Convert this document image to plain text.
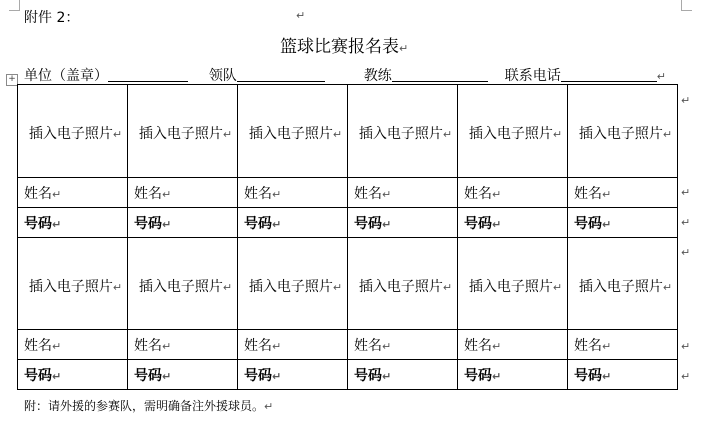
附件 2：	↵
篮球比赛报名表↵
单位（盖章）	领队	教练	联系电话	↵
+
插入电子照片↵	插入电子照片↵	插入电子照片↵	插入电子照片↵	插入电子照片↵	插入电子照片↵
姓名↵	姓名↵	姓名↵	姓名↵	姓名↵	姓名↵
号码↵	号码↵	号码↵	号码↵	号码↵	号码↵
插入电子照片↵	插入电子照片↵	插入电子照片↵	插入电子照片↵	插入电子照片↵	插入电子照片↵
姓名↵	姓名↵	姓名↵	姓名↵	姓名↵	姓名↵
号码↵	号码↵	号码↵	号码↵	号码↵	号码↵
↵
↵
↵
↵
↵
↵
附：请外援的参赛队，需明确备注外援球员。↵
